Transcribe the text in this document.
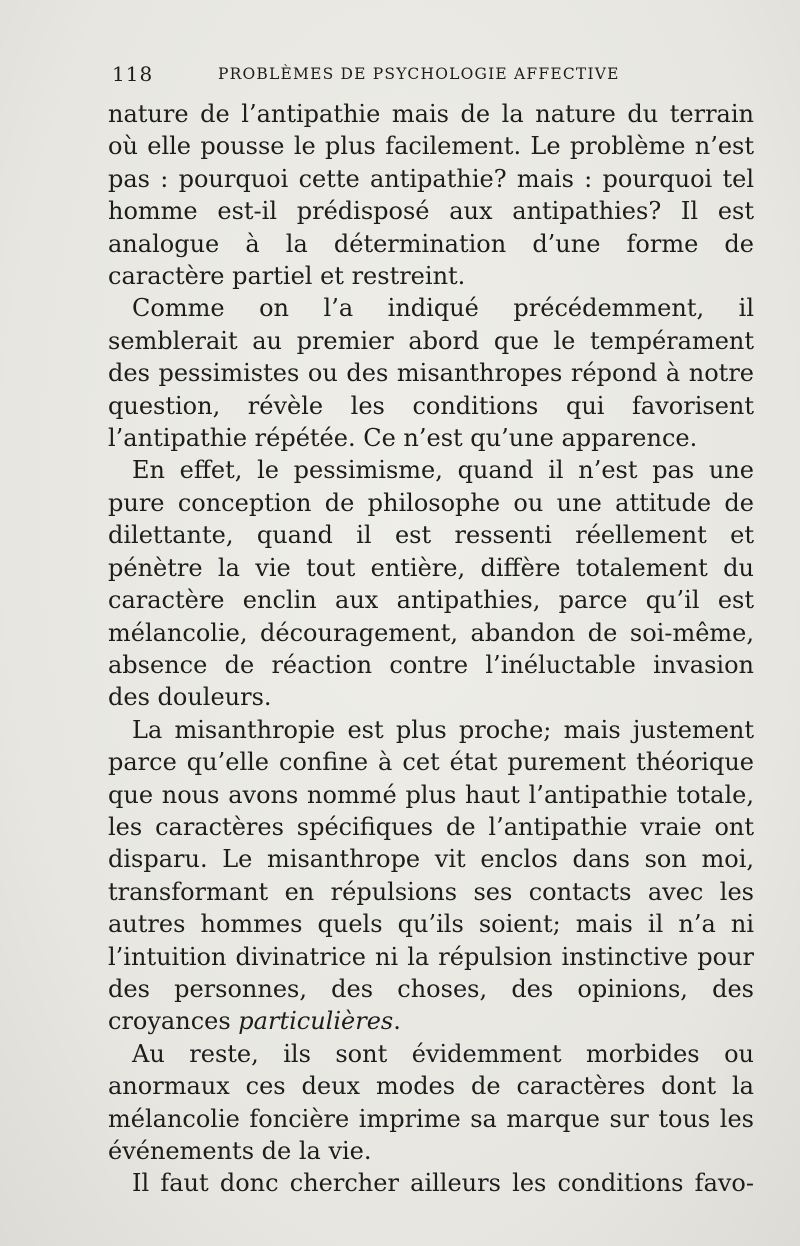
118	PROBLÈMES DE PSYCHOLOGIE AFFECTIVE

nature de l’antipathie mais de la nature du terrain où elle pousse le plus facilement. Le problème n’est pas : pourquoi cette antipathie? mais : pourquoi tel homme est-il prédisposé aux antipathies? Il est analogue à la détermination d’une forme de caractère partiel et restreint.

Comme on l’a indiqué précédemment, il semblerait au premier abord que le tempérament des pessimistes ou des misanthropes répond à notre question, révèle les conditions qui favorisent l’antipathie répétée. Ce n’est qu’une apparence.

En effet, le pessimisme, quand il n’est pas une pure conception de philosophe ou une attitude de dilettante, quand il est ressenti réellement et pénètre la vie tout entière, diffère totalement du caractère enclin aux antipathies, parce qu’il est mélancolie, découragement, abandon de soi-même, absence de réaction contre l’inéluctable invasion des douleurs.

La misanthropie est plus proche; mais justement parce qu’elle confine à cet état purement théorique que nous avons nommé plus haut l’antipathie totale, les caractères spécifiques de l’antipathie vraie ont disparu. Le misanthrope vit enclos dans son moi, transformant en répulsions ses contacts avec les autres hommes quels qu’ils soient; mais il n’a ni l’intuition divinatrice ni la répulsion instinctive pour des personnes, des choses, des opinions, des croyances particulières.

Au reste, ils sont évidemment morbides ou anormaux ces deux modes de caractères dont la mélancolie foncière imprime sa marque sur tous les événements de la vie.

Il faut donc chercher ailleurs les conditions favo-
